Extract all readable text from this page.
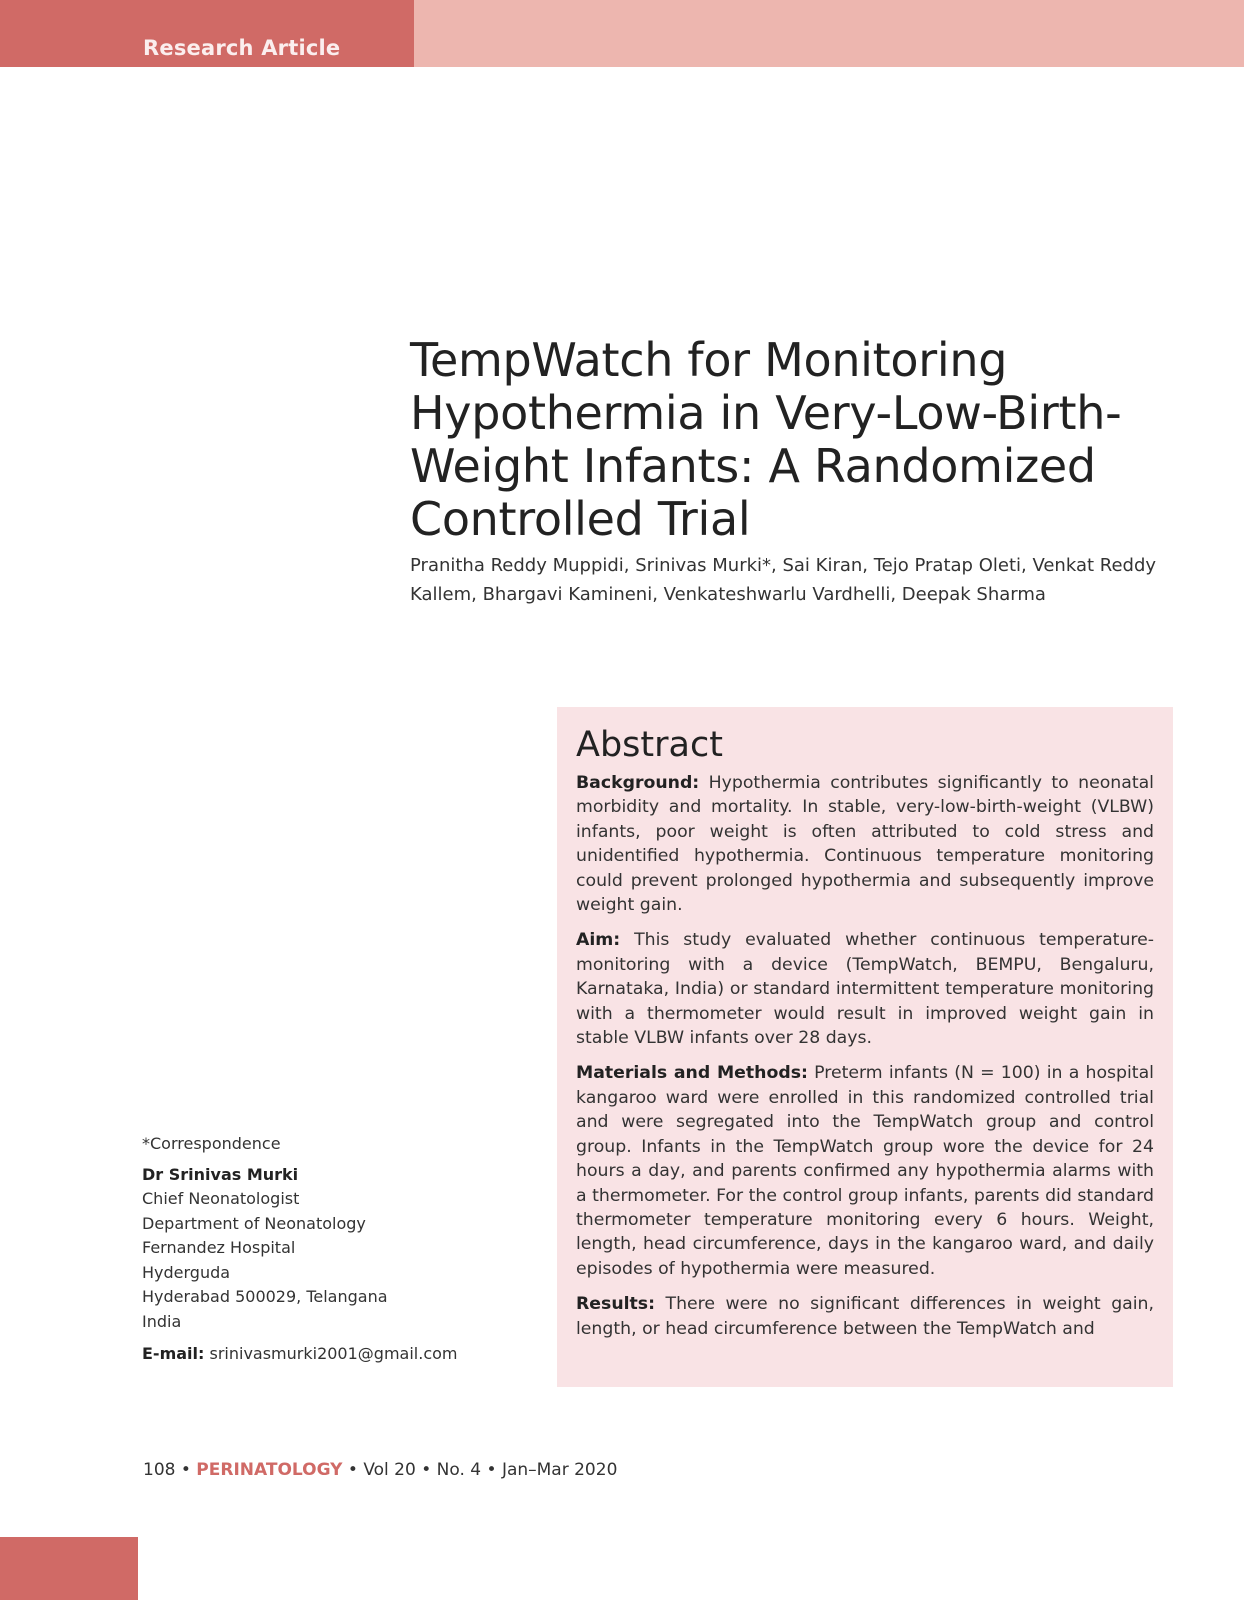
Research Article
TempWatch for Monitoring Hypothermia in Very-Low-Birth-Weight Infants: A Randomized Controlled Trial

Pranitha Reddy Muppidi, Srinivas Murki*, Sai Kiran, Tejo Pratap Oleti, Venkat Reddy Kallem, Bhargavi Kamineni, Venkateshwarlu Vardhelli, Deepak Sharma

*Correspondence
Dr Srinivas Murki
Chief Neonatologist
Department of Neonatology
Fernandez Hospital
Hyderguda
Hyderabad 500029, Telangana
India
E-mail: srinivasmurki2001@gmail.com
Abstract

Background: Hypothermia contributes significantly to neonatal morbidity and mortality. In stable, very-low-birth-weight (VLBW) infants, poor weight is often attributed to cold stress and unidentified hypothermia. Continuous temperature monitoring could prevent prolonged hypothermia and subsequently improve weight gain.

Aim: This study evaluated whether continuous temperature-monitoring with a device (TempWatch, BEMPU, Bengaluru, Karnataka, India) or standard intermittent temperature monitoring with a thermometer would result in improved weight gain in stable VLBW infants over 28 days.

Materials and Methods: Preterm infants (N = 100) in a hospital kangaroo ward were enrolled in this randomized controlled trial and were segregated into the TempWatch group and control group. Infants in the TempWatch group wore the device for 24 hours a day, and parents confirmed any hypothermia alarms with a thermometer. For the control group infants, parents did standard thermometer temperature monitoring every 6 hours. Weight, length, head circumference, days in the kangaroo ward, and daily episodes of hypothermia were measured.

Results: There were no significant differences in weight gain, length, or head circumference between the TempWatch and

108 • PERINATOLOGY • Vol 20 • No. 4 • Jan–Mar 2020
